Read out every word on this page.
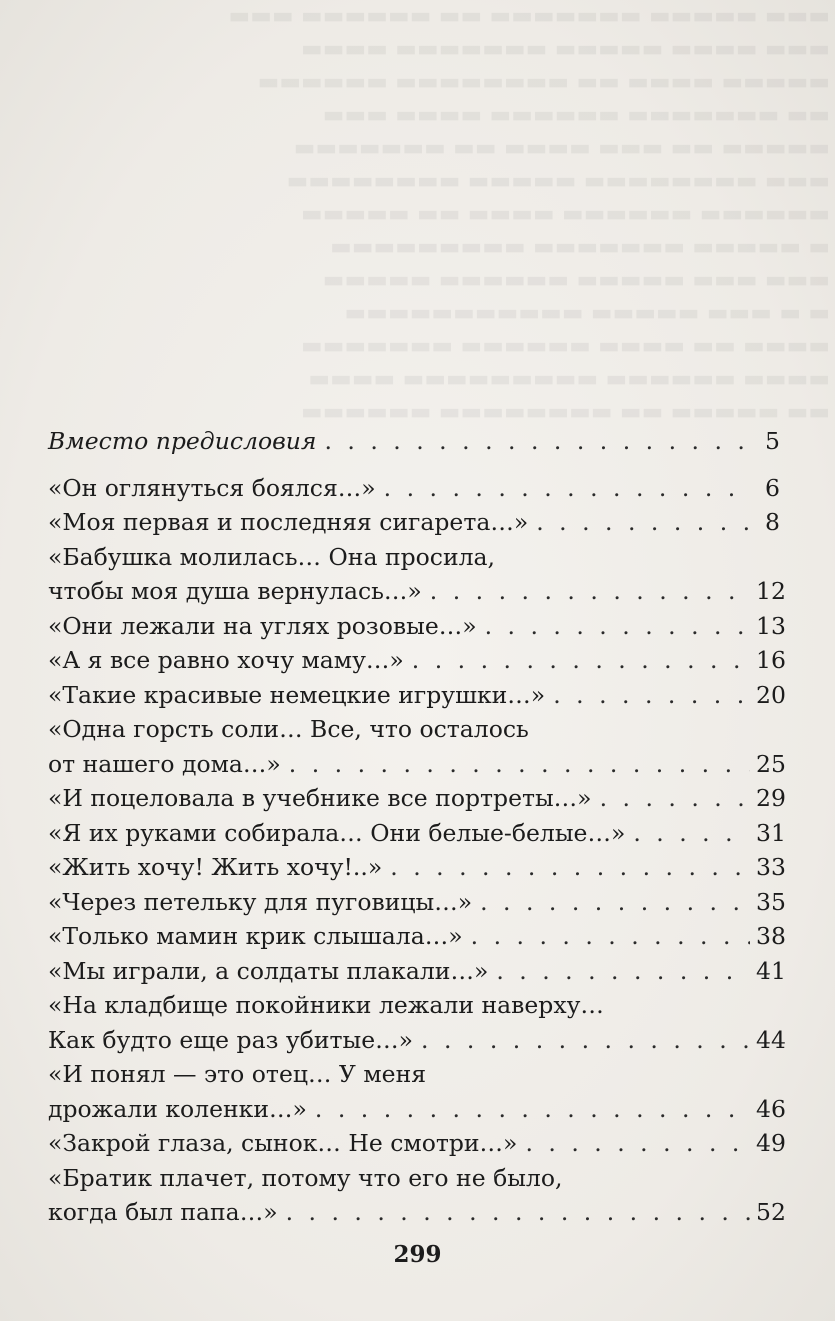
▬▬▬ ▬▬▬▬▬ ▬▬▬▬▬▬▬ ▬▬ ▬▬▬▬▬▬ ▬▬▬
▬▬▬ ▬▬▬▬ ▬▬▬▬▬ ▬▬▬▬▬▬▬ ▬▬▬▬
▬▬▬▬▬ ▬▬▬▬ ▬▬ ▬▬▬▬▬▬▬▬ ▬▬▬▬▬▬
▬▬ ▬▬▬▬▬▬▬ ▬▬▬▬▬▬ ▬▬▬▬ ▬▬▬
▬▬▬▬▬ ▬▬ ▬▬▬ ▬▬▬▬ ▬▬ ▬▬▬▬▬▬▬
▬▬▬ ▬▬▬▬▬▬▬▬ ▬▬▬▬▬ ▬▬▬▬▬▬▬▬
▬▬▬▬▬▬ ▬▬▬▬▬▬ ▬▬▬▬ ▬▬ ▬▬▬▬▬
▬ ▬▬▬▬▬ ▬▬▬▬▬▬▬ ▬▬▬▬▬▬▬▬▬
▬▬▬ ▬▬▬ ▬▬▬▬▬ ▬▬▬▬▬▬ ▬▬▬▬▬
▬ ▬ ▬▬▬ ▬▬▬▬▬ ▬▬▬▬▬▬▬▬▬▬▬
▬▬▬▬ ▬▬ ▬▬▬▬ ▬▬▬▬▬▬ ▬▬▬▬▬▬▬
▬▬▬▬ ▬▬▬▬▬▬ ▬▬▬▬▬▬▬▬▬ ▬▬▬▬
▬▬ ▬▬▬▬▬ ▬▬ ▬▬▬▬▬▬▬▬ ▬▬▬▬▬▬
Вместо предисловия . . .	5
«Он оглянуться боялся…» . . .	6
«Моя первая и последняя сигарета…» . . .	8
«Бабушка молилась… Она просила,
чтобы моя душа вернулась…» . . .	12
«Они лежали на углях розовые…» . . .	13
«А я все равно хочу маму…» . . .	16
«Такие красивые немецкие игрушки…» . . .	20
«Одна горсть соли… Все, что осталось
от нашего дома…» . . .	25
«И поцеловала в учебнике все портреты…» . . .	29
«Я их руками собирала… Они белые-белые…» . . .	31
«Жить хочу! Жить хочу!..» . . .	33
«Через петельку для пуговицы…» . . .	35
«Только мамин крик слышала…» . . .	38
«Мы играли, а солдаты плакали…» . . .	41
«На кладбище покойники лежали наверху…
Как будто еще раз убитые…» . . .	44
«И понял — это отец… У меня
дрожали коленки…» . . .	46
«Закрой глаза, сынок… Не смотри…» . . .	49
«Братик плачет, потому что его не было,
когда был папа…» . . .	52
299
